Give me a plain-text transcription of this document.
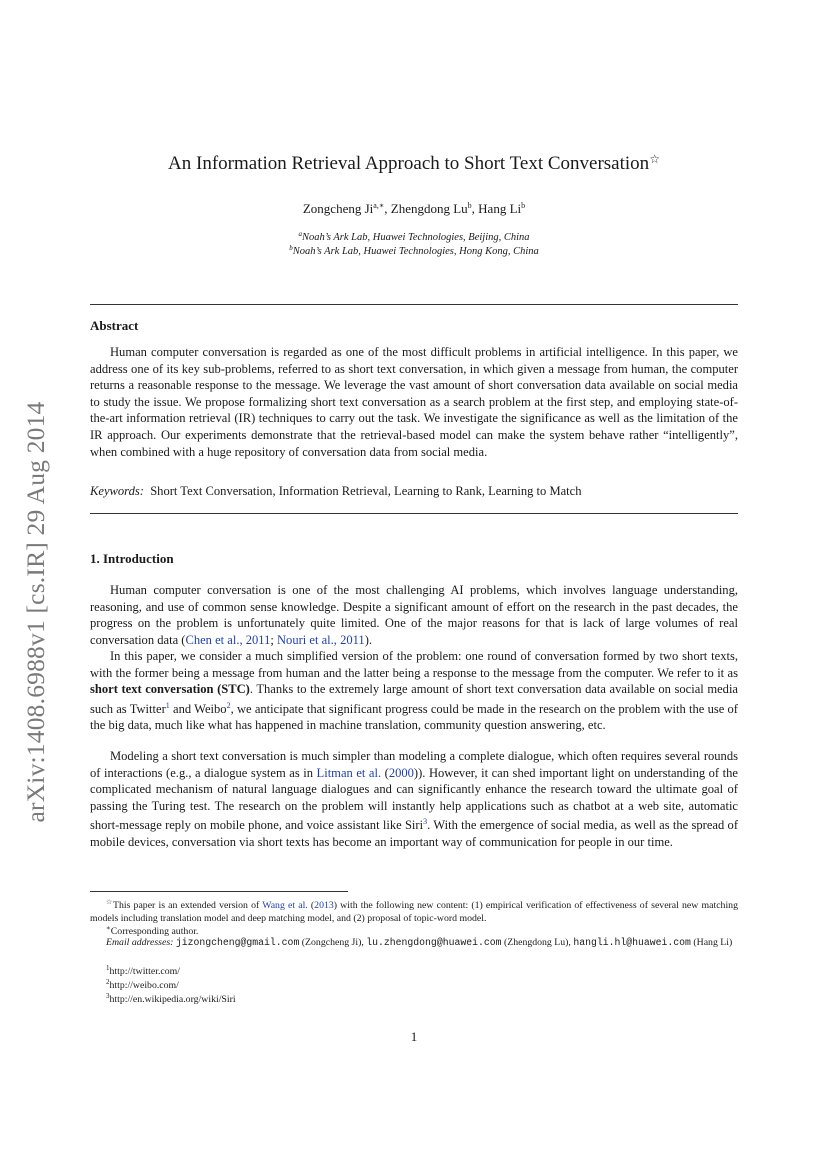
arXiv:1408.6988v1 [cs.IR] 29 Aug 2014
An Information Retrieval Approach to Short Text Conversation☆
Zongcheng $Ji^{a,∗}$, Zhengdong Lu$^b$, Hang Li$^b$
$^a$Noah’s Ark Lab, Huawei Technologies, Beijing, China
$^b$Noah’s Ark Lab, Huawei Technologies, Hong Kong, China
Abstract

Human computer conversation is regarded as one of the most difficult problems in artificial intelligence. In this paper, we address one of its key sub-problems, referred to as short text conversation, in which given a message from human, the computer returns a reasonable response to the message. We leverage the vast amount of short conversation data available on social media to study the issue. We propose formalizing short text conversation as a search problem at the first step, and employing state-of-the-art information retrieval (IR) techniques to carry out the task. We investigate the significance as well as the limitation of the IR approach. Our experiments demonstrate that the retrieval-based model can make the system behave rather “intelligently”, when combined with a huge repository of conversation data from social media.

Keywords: Short Text Conversation, Information Retrieval, Learning to Rank, Learning to Match

1. Introduction

Human computer conversation is one of the most challenging AI problems, which involves language understanding, reasoning, and use of common sense knowledge. Despite a significant amount of effort on the research in the past decades, the progress on the problem is unfortunately quite limited. One of the major reasons for that is lack of large volumes of real conversation data (Chen et al., 2011; Nouri et al., 2011).

In this paper, we consider a much simplified version of the problem: one round of conversation formed by two short texts, with the former being a message from human and the latter being a response to the message from the computer. We refer to it as short text conversation (STC). Thanks to the extremely large amount of short text conversation data available on social media such as Twitter$^1$ and Weibo$^2$, we anticipate that significant progress could be made in the research on the problem with the use of the big data, much like what has happened in machine translation, community question answering, etc.

Modeling a short text conversation is much simpler than modeling a complete dialogue, which often requires several rounds of interactions (e.g., a dialogue system as in Litman et al. (2000)). However, it can shed important light on understanding of the complicated mechanism of natural language dialogues and can significantly enhance the research toward the ultimate goal of passing the Turing test. The research on the problem will instantly help applications such as chatbot at a web site, automatic short-message reply on mobile phone, and voice assistant like Siri$^3$. With the emergence of social media, as well as the spread of mobile devices, conversation via short texts has become an important way of communication for people in our time.

☆This paper is an extended version of Wang et al. (2013) with the following new content: (1) empirical verification of effectiveness of several new matching models including translation model and deep matching model, and (2) proposal of topic-word model.

∗Corresponding author.

Email addresses: jizongcheng@gmail.com (Zongcheng Ji), lu.zhengdong@huawei.com (Zhengdong Lu), hangli.hl@huawei.com (Hang Li)

$^1$http://twitter.com/

$^2$http://weibo.com/

$^3$http://en.wikipedia.org/wiki/Siri

1
